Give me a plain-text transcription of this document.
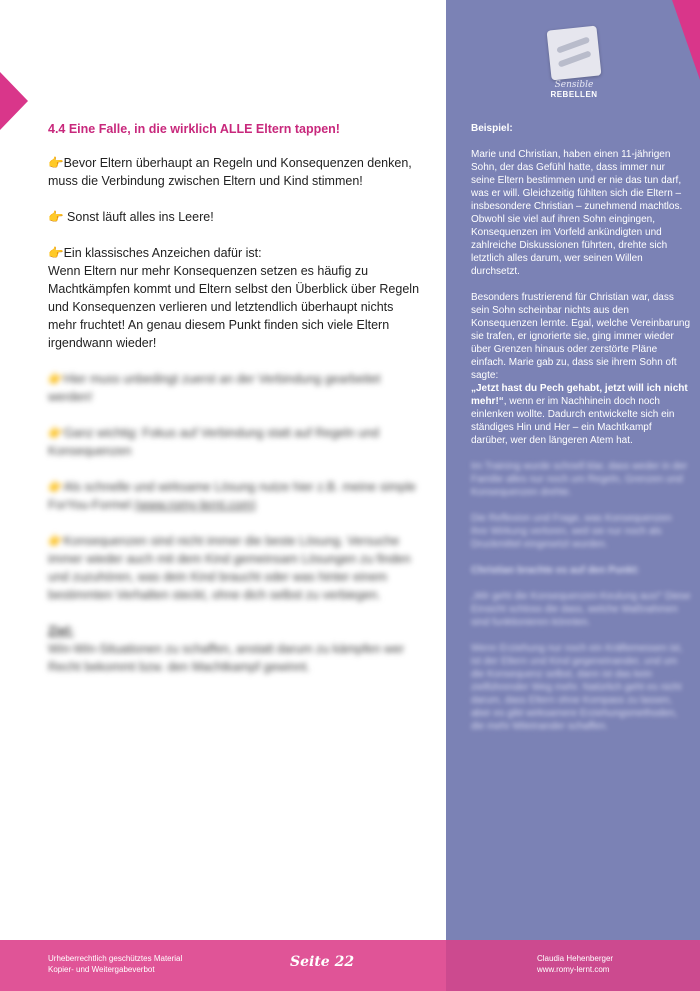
Sensible
REBELLEN
4.4 Eine Falle, in die wirklich ALLE Eltern tappen!
👉Bevor Eltern überhaupt an Regeln und Konsequenzen denken, muss die Verbindung zwischen Eltern und Kind stimmen!
👉 Sonst läuft alles ins Leere!
👉Ein klassisches Anzeichen dafür ist:
Wenn Eltern nur mehr Konsequenzen setzen es häufig zu Machtkämpfen kommt und Eltern selbst den Überblick über Regeln und Konsequenzen verlieren und letztendlich überhaupt nichts mehr fruchtet! An genau diesem Punkt finden sich viele Eltern irgendwann wieder!
👉Hier muss unbedingt zuerst an der Verbindung gearbeitet werden!
👉Ganz wichtig: Fokus auf Verbindung statt auf Regeln und Konsequenzen
👉Als schnelle und wirksame Lösung nutze hier z.B. meine simple ForYou-Formel (www.romy-lernt.com)
👉Konsequenzen sind nicht immer die beste Lösung. Versuche immer wieder auch mit dem Kind gemeinsam Lösungen zu finden und zuzuhören, was dein Kind braucht oder was hinter einem bestimmten Verhalten steckt, ohne dich selbst zu verbiegen.
Ziel:
Win-Win-Situationen zu schaffen, anstatt darum zu kämpfen wer Recht bekommt bzw. den Machtkampf gewinnt.
Beispiel:
Marie und Christian, haben einen 11-jährigen Sohn, der das Gefühl hatte, dass immer nur seine Eltern bestimmen und er nie das tun darf, was er will. Gleichzeitig fühlten sich die Eltern – insbesondere Christian – zunehmend machtlos. Obwohl sie viel auf ihren Sohn eingingen, Konsequenzen im Vorfeld ankündigten und zahlreiche Diskussionen führten, drehte sich letztlich alles darum, wer seinen Willen durchsetzt.
Besonders frustrierend für Christian war, dass sein Sohn scheinbar nichts aus den Konsequenzen lernte. Egal, welche Vereinbarung sie trafen, er ignorierte sie, ging immer wieder über Grenzen hinaus oder zerstörte Pläne einfach. Marie gab zu, dass sie ihrem Sohn oft sagte:
„Jetzt hast du Pech gehabt, jetzt will ich nicht mehr!“, wenn er im Nachhinein doch noch einlenken wollte. Dadurch entwickelte sich ein ständiges Hin und Her – ein Machtkampf darüber, wer den längeren Atem hat.
Im Training wurde schnell klar, dass weder in der Familie alles nur noch um Regeln, Grenzen und Konsequenzen drehte.
Die Reflexion und Frage, was Konsequenzen ihre Wirkung verloren, weil sie nur noch als Druckmittel eingesetzt wurden.
Christian brachte es auf den Punkt:
„Wir geht die Konsequenzen-Keulung aus!“ Diese Einsicht schloss die dass, welche Maßnahmen sind funktionieren könnten.
Wenn Erziehung nur noch ein Kräftemessen ist, ist der Eltern und Kind gegeneinander, und um die Konsequenz selbst, dann ist das kein zielführender Weg mehr. Natürlich geht es nicht darum, dass Eltern ohne Kompass zu lassen, aber es gibt wirksamere Erziehungsmethoden, die mehr Miteinander schaffen.
Urheberrechtlich geschütztes Material
Kopier- und Weitergabeverbot	Seite 22	Claudia Hehenberger
www.romy-lernt.com
